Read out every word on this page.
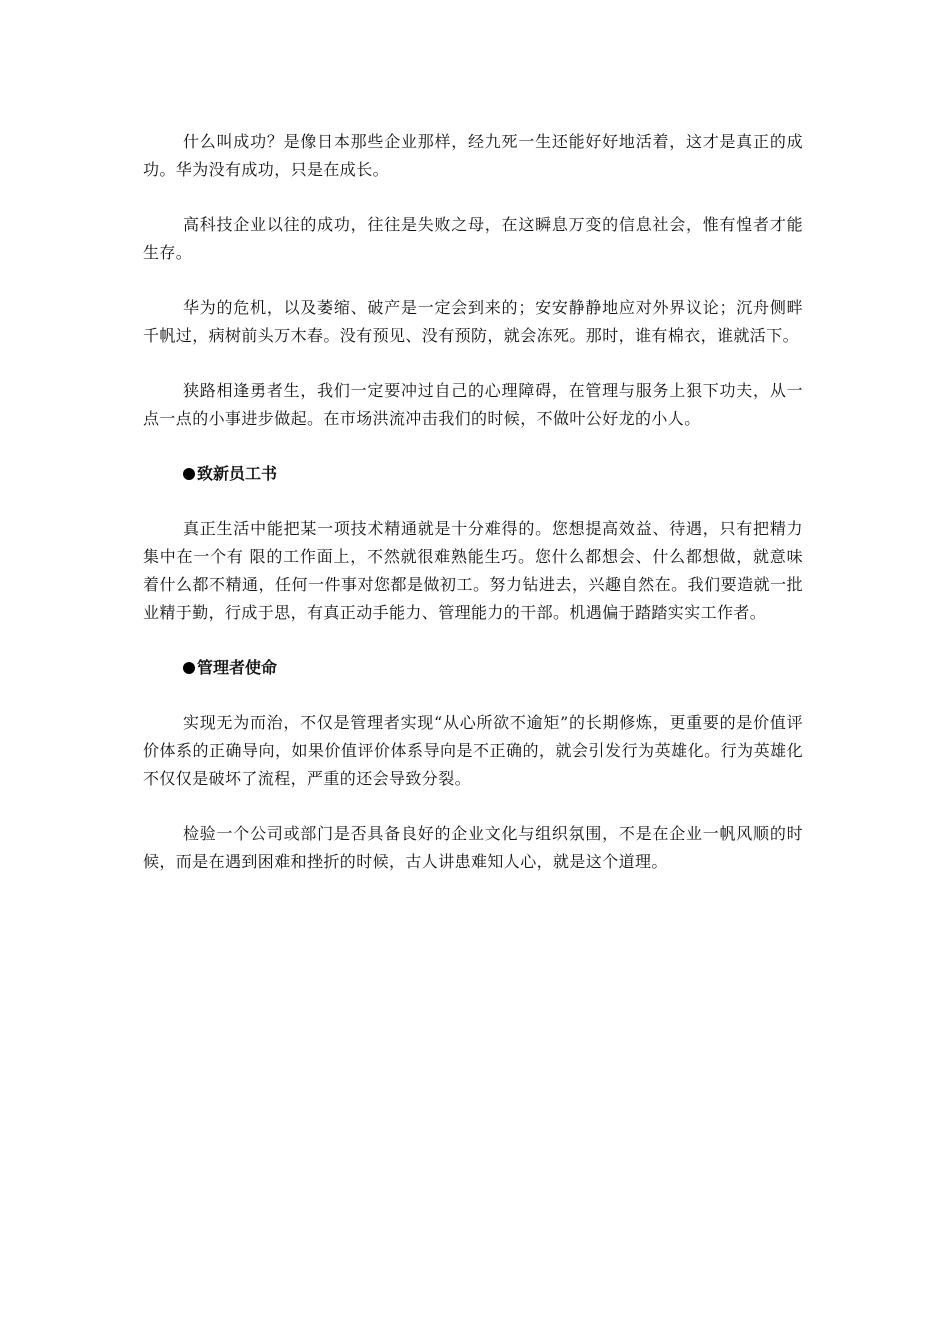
什么叫成功？是像日本那些企业那样，经九死一生还能好好地活着，这才是真正的成功。华为没有成功，只是在成长。

高科技企业以往的成功，往往是失败之母，在这瞬息万变的信息社会，惟有惶者才能生存。

华为的危机，以及萎缩、破产是一定会到来的；安安静静地应对外界议论；沉舟侧畔千帆过，病树前头万木春。没有预见、没有预防，就会冻死。那时，谁有棉衣，谁就活下。

狭路相逢勇者生，我们一定要冲过自己的心理障碍，在管理与服务上狠下功夫，从一点一点的小事进步做起。在市场洪流冲击我们的时候，不做叶公好龙的小人。

致新员工书

真正生活中能把某一项技术精通就是十分难得的。您想提高效益、待遇，只有把精力集中在一个有 限的工作面上，不然就很难熟能生巧。您什么都想会、什么都想做，就意味着什么都不精通，任何一件事对您都是做初工。努力钻进去，兴趣自然在。我们要造就一批业精于勤，行成于思，有真正动手能力、管理能力的干部。机遇偏于踏踏实实工作者。

管理者使命

实现无为而治，不仅是管理者实现“从心所欲不逾矩”的长期修炼，更重要的是价值评价体系的正确导向，如果价值评价体系导向是不正确的，就会引发行为英雄化。行为英雄化不仅仅是破坏了流程，严重的还会导致分裂。

检验一个公司或部门是否具备良好的企业文化与组织氛围，不是在企业一帆风顺的时候，而是在遇到困难和挫折的时候，古人讲患难知人心，就是这个道理。
